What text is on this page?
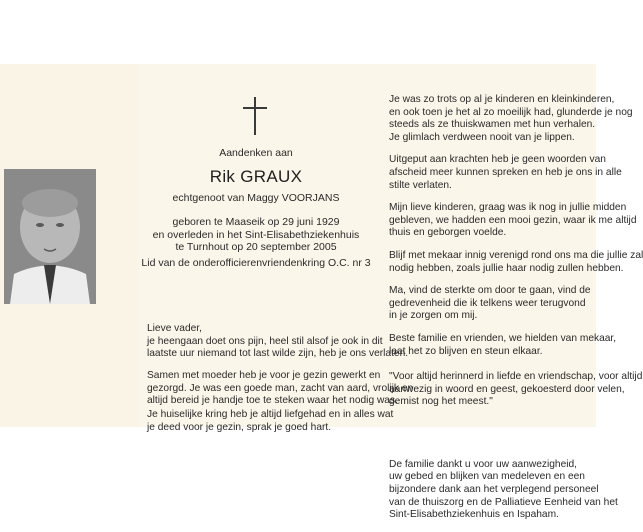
Aandenken aan
Rik GRAUX
echtgenoot van Maggy VOORJANS
geboren te Maaseik op 29 juni 1929
en overleden in het Sint-Elisabethziekenhuis
te Turnhout op 20 september 2005
Lid van de onderofficierenvriendenkring O.C. nr 3
Lieve vader,
je heengaan doet ons pijn, heel stil alsof je ook in dit
laatste uur niemand tot last wilde zijn, heb je ons verlaten.
Samen met moeder heb je voor je gezin gewerkt en
gezorgd. Je was een goede man, zacht van aard, vrolijk en
altijd bereid je handje toe te steken waar het nodig was.
Je huiselijke kring heb je altijd liefgehad en in alles wat
je deed voor je gezin, sprak je goed hart.
Je was zo trots op al je kinderen en kleinkinderen,
en ook toen je het al zo moeilijk had, glunderde je nog
steeds als ze thuiskwamen met hun verhalen.
Je glimlach verdween nooit van je lippen.
Uitgeput aan krachten heb je geen woorden van
afscheid meer kunnen spreken en heb je ons in alle
stilte verlaten.
Mijn lieve kinderen, graag was ik nog in jullie midden
gebleven, we hadden een mooi gezin, waar ik me altijd
thuis en geborgen voelde.
Blijf met mekaar innig verenigd rond ons ma die jullie zal
nodig hebben, zoals jullie haar nodig zullen hebben.
Ma, vind de sterkte om door te gaan, vind de
gedrevenheid die ik telkens weer terugvond
in je zorgen om mij.
Beste familie en vrienden, we hielden van mekaar,
laat het zo blijven en steun elkaar.
"Voor altijd herinnerd in liefde en vriendschap, voor altijd
aanwezig in woord en geest, gekoesterd door velen,
gemist nog het meest."
De familie dankt u voor uw aanwezigheid,
uw gebed en blijken van medeleven en een
bijzondere dank aan het verplegend personeel
van de thuiszorg en de Palliatieve Eenheid van het
Sint-Elisabethziekenhuis en Ispaham.
